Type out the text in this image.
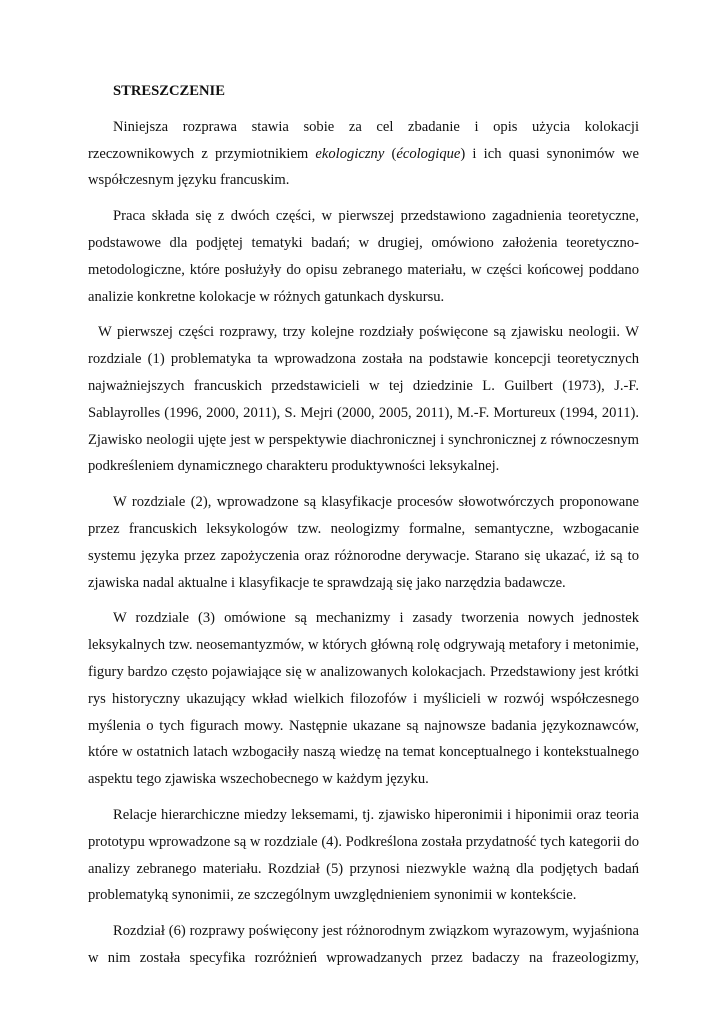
STRESZCZENIE

Niniejsza rozprawa stawia sobie za cel zbadanie i opis użycia kolokacji rzeczownikowych z przymiotnikiem ekologiczny (écologique) i ich quasi synonimów we współczesnym języku francuskim.

Praca składa się z dwóch części, w pierwszej przedstawiono zagadnienia teoretyczne, podstawowe dla podjętej tematyki badań; w drugiej, omówiono założenia teoretyczno-metodologiczne, które posłużyły do opisu zebranego materiału, w części końcowej poddano analizie konkretne kolokacje w różnych gatunkach dyskursu.

W pierwszej części rozprawy, trzy kolejne rozdziały poświęcone są zjawisku neologii. W rozdziale (1) problematyka ta wprowadzona została na podstawie koncepcji teoretycznych najważniejszych francuskich przedstawicieli w tej dziedzinie L. Guilbert (1973), J.-F. Sablayrolles (1996, 2000, 2011), S. Mejri (2000, 2005, 2011), M.-F. Mortureux (1994, 2011). Zjawisko neologii ujęte jest w perspektywie diachronicznej i synchronicznej z równoczesnym podkreśleniem dynamicznego charakteru produktywności leksykalnej.

W rozdziale (2), wprowadzone są klasyfikacje procesów słowotwórczych proponowane przez francuskich leksykologów tzw. neologizmy formalne, semantyczne, wzbogacanie systemu języka przez zapożyczenia oraz różnorodne derywacje. Starano się ukazać, iż są to zjawiska nadal aktualne i klasyfikacje te sprawdzają się jako narzędzia badawcze.

W rozdziale (3) omówione są mechanizmy i zasady tworzenia nowych jednostek leksykalnych tzw. neosemantyzmów, w których główną rolę odgrywają metafory i metonimie, figury bardzo często pojawiające się w analizowanych kolokacjach. Przedstawiony jest krótki rys historyczny ukazujący wkład wielkich filozofów i myślicieli w rozwój współczesnego myślenia o tych figurach mowy. Następnie ukazane są najnowsze badania językoznawców, które w ostatnich latach wzbogaciły naszą wiedzę na temat konceptualnego i kontekstualnego aspektu tego zjawiska wszechobecnego w każdym języku.

Relacje hierarchiczne miedzy leksemami, tj. zjawisko hiperonimii i hiponimii oraz teoria prototypu wprowadzone są w rozdziale (4). Podkreślona została przydatność tych kategorii do analizy zebranego materiału. Rozdział (5) przynosi niezwykle ważną dla podjętych badań problematyką synonimii, ze szczególnym uwzględnieniem synonimii w kontekście.

Rozdział (6) rozprawy poświęcony jest różnorodnym związkom wyrazowym, wyjaśniona w nim została specyfika rozróżnień wprowadzanych przez badaczy na frazeologizmy,
